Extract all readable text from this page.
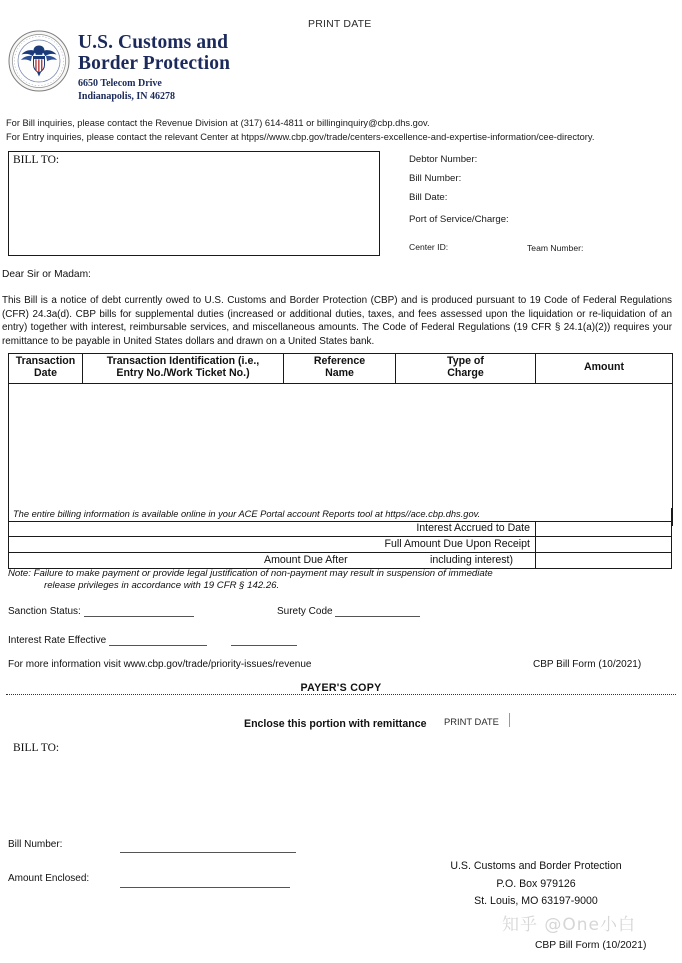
PRINT DATE
U.S. Customs and
Border Protection
6650 Telecom Drive
Indianapolis, IN 46278
For Bill inquiries, please contact the Revenue Division at (317) 614-4811 or billinginquiry@cbp.dhs.gov.
For Entry inquiries, please contact the relevant Center at htpps//www.cbp.gov/trade/centers-excellence-and-expertise-information/cee-directory.
BILL TO:	Debtor Number:
Bill Number:
Bill Date:
Port of Service/Charge:
Center ID:	Team Number:
Dear Sir or Madam:
This Bill is a notice of debt currently owed to U.S. Customs and Border Protection (CBP) and is produced pursuant to 19 Code of Federal Regulations (CFR) 24.3a(d). CBP bills for supplemental duties (increased or additional duties, taxes, and fees assessed upon the liquidation or re-liquidation of an entry) together with interest, reimbursable services, and miscellaneous amounts. The Code of Federal Regulations (19 CFR § 24.1(a)(2)) requires your remittance to be payable in United States dollars and drawn on a United States bank.
Transaction
Date

Transaction Identification (i.e.,
Entry No./Work Ticket No.)

Reference
Name

Type of
Charge	Amount

The entire billing information is available online in your ACE Portal account Reports tool at https//ace.cbp.dhs.gov.
Interest Accrued to Date
Full Amount Due Upon Receipt
Amount Due After	including interest)
Note: Failure to make payment or provide legal justification of non-payment may result in suspension of immediate
release privileges in accordance with 19 CFR § 142.26.
Sanction Status:	Surety Code
Interest Rate Effective
For more information visit www.cbp.gov/trade/priority-issues/revenue	CBP Bill Form (10/2021)
PAYER'S COPY
Enclose this portion with remittance PRINT DATE
BILL TO:
Bill Number:
Amount Enclosed:
U.S. Customs and Border Protection
P.O. Box 979126
St. Louis, MO 63197-9000
知乎 @One小白
CBP Bill Form (10/2021)
